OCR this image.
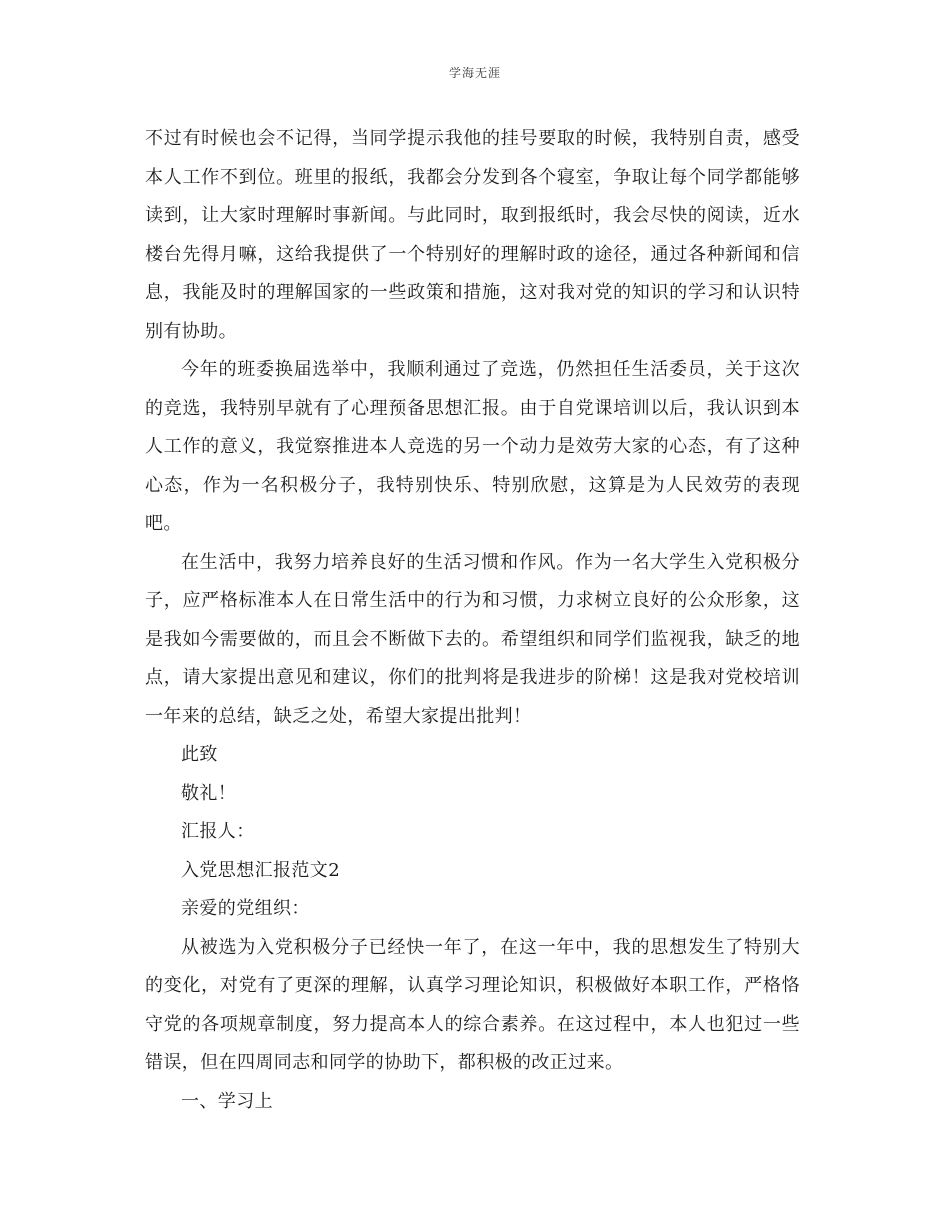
学海无涯

不过有时候也会不记得，当同学提示我他的挂号要取的时候，我特别自责，感受本人工作不到位。班里的报纸，我都会分发到各个寝室，争取让每个同学都能够读到，让大家时理解时事新闻。与此同时，取到报纸时，我会尽快的阅读，近水楼台先得月嘛，这给我提供了一个特别好的理解时政的途径，通过各种新闻和信息，我能及时的理解国家的一些政策和措施，这对我对党的知识的学习和认识特别有协助。

今年的班委换届选举中，我顺利通过了竞选，仍然担任生活委员，关于这次的竞选，我特别早就有了心理预备思想汇报。由于自党课培训以后，我认识到本人工作的意义，我觉察推进本人竞选的另一个动力是效劳大家的心态，有了这种心态，作为一名积极分子，我特别快乐、特别欣慰，这算是为人民效劳的表现吧。

在生活中，我努力培养良好的生活习惯和作风。作为一名大学生入党积极分子，应严格标准本人在日常生活中的行为和习惯，力求树立良好的公众形象，这是我如今需要做的，而且会不断做下去的。希望组织和同学们监视我，缺乏的地点，请大家提出意见和建议，你们的批判将是我进步的阶梯！这是我对党校培训一年来的总结，缺乏之处，希望大家提出批判！

此致

敬礼！

汇报人：

入党思想汇报范文2

亲爱的党组织：

从被选为入党积极分子已经快一年了，在这一年中，我的思想发生了特别大的变化，对党有了更深的理解，认真学习理论知识，积极做好本职工作，严格恪守党的各项规章制度，努力提高本人的综合素养。在这过程中，本人也犯过一些错误，但在四周同志和同学的协助下，都积极的改正过来。

一、学习上
